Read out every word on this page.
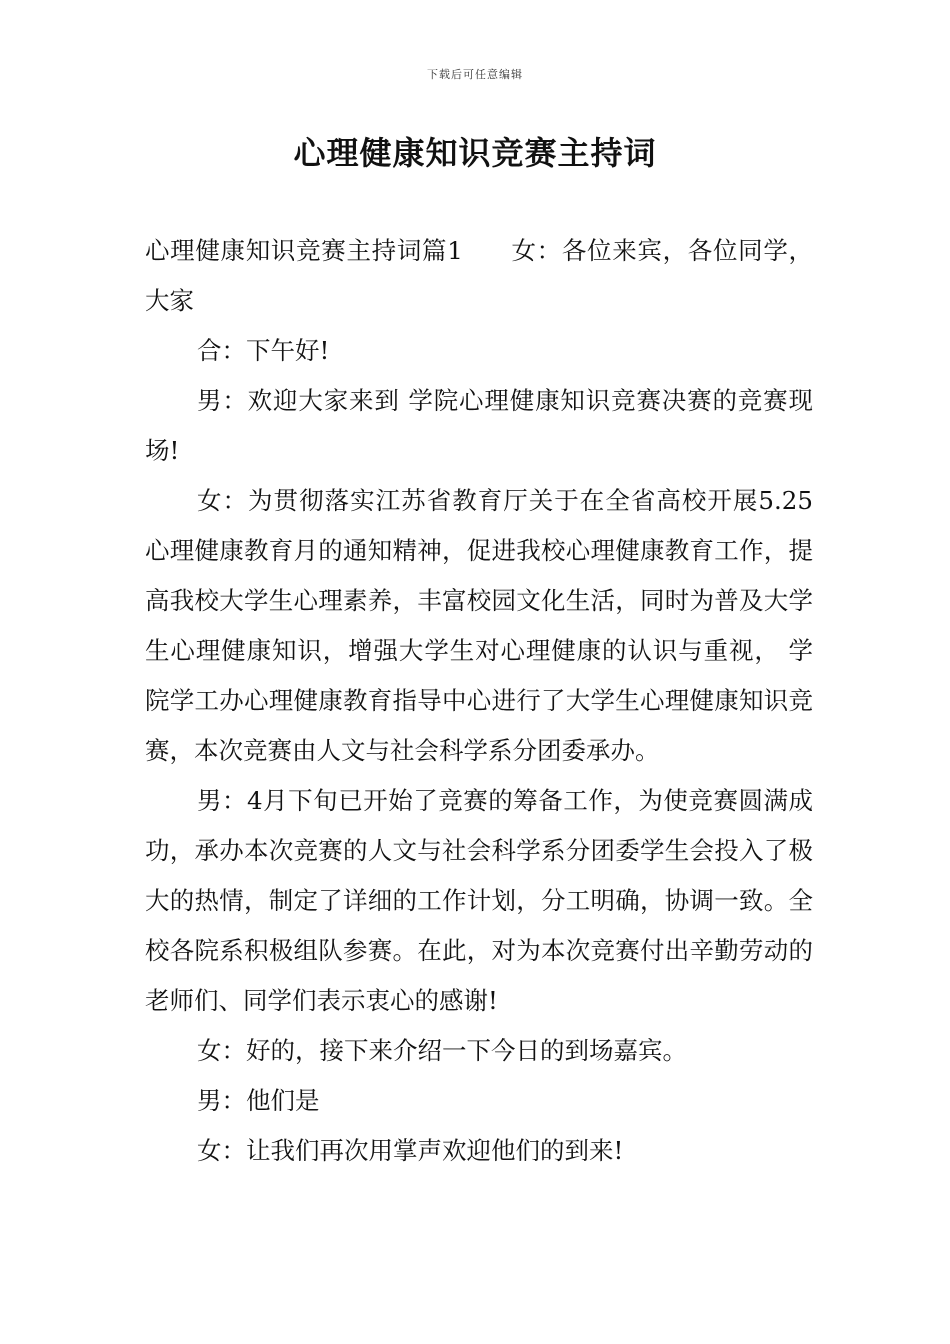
下载后可任意编辑
心理健康知识竞赛主持词

心理健康知识竞赛主持词篇1 女：各位来宾，各位同学，大家

合：下午好!

男：欢迎大家来到 学院心理健康知识竞赛决赛的竞赛现场!

女：为贯彻落实江苏省教育厅关于在全省高校开展5.25心理健康教育月的通知精神，促进我校心理健康教育工作，提高我校大学生心理素养，丰富校园文化生活，同时为普及大学生心理健康知识，增强大学生对心理健康的认识与重视， 学院学工办心理健康教育指导中心进行了大学生心理健康知识竞赛，本次竞赛由人文与社会科学系分团委承办。

男：4月下旬已开始了竞赛的筹备工作，为使竞赛圆满成功，承办本次竞赛的人文与社会科学系分团委学生会投入了极大的热情，制定了详细的工作计划，分工明确，协调一致。全校各院系积极组队参赛。在此，对为本次竞赛付出辛勤劳动的老师们、同学们表示衷心的感谢!

女：好的，接下来介绍一下今日的到场嘉宾。

男：他们是

女：让我们再次用掌声欢迎他们的到来!
